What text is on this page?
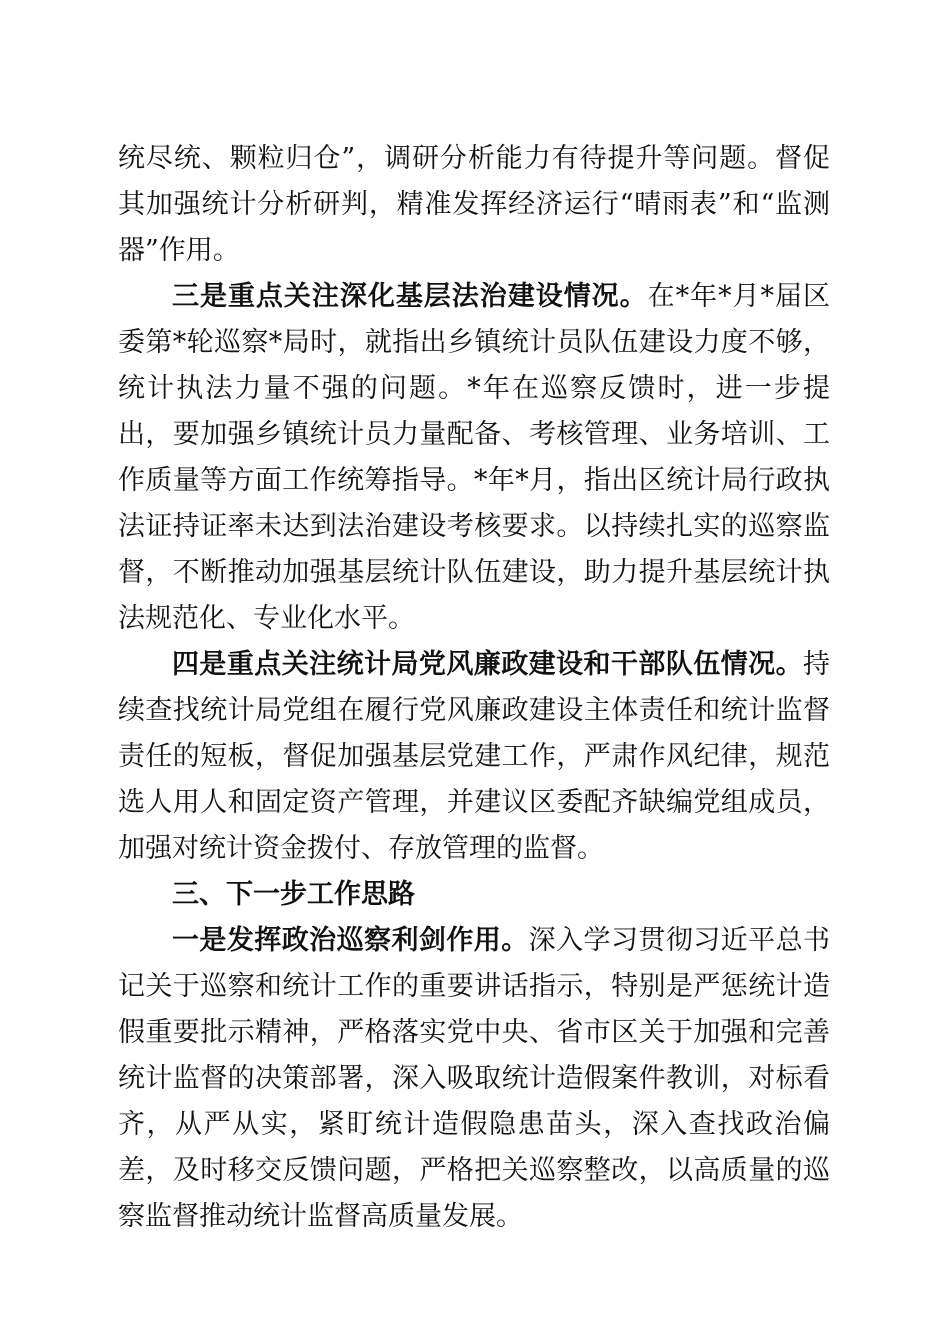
统尽统、颗粒归仓”，调研分析能力有待提升等问题。督促其加强统计分析研判，精准发挥经济运行“晴雨表”和“监测器”作用。

三是重点关注深化基层法治建设情况。在*年*月*届区委第*轮巡察*局时，就指出乡镇统计员队伍建设力度不够，统计执法力量不强的问题。*年在巡察反馈时，进一步提出，要加强乡镇统计员力量配备、考核管理、业务培训、工作质量等方面工作统筹指导。*年*月，指出区统计局行政执法证持证率未达到法治建设考核要求。以持续扎实的巡察监督，不断推动加强基层统计队伍建设，助力提升基层统计执法规范化、专业化水平。

四是重点关注统计局党风廉政建设和干部队伍情况。持续查找统计局党组在履行党风廉政建设主体责任和统计监督责任的短板，督促加强基层党建工作，严肃作风纪律，规范选人用人和固定资产管理，并建议区委配齐缺编党组成员，加强对统计资金拨付、存放管理的监督。

三、下一步工作思路

一是发挥政治巡察利剑作用。深入学习贯彻习近平总书记关于巡察和统计工作的重要讲话指示，特别是严惩统计造假重要批示精神，严格落实党中央、省市区关于加强和完善统计监督的决策部署，深入吸取统计造假案件教训，对标看齐，从严从实，紧盯统计造假隐患苗头，深入查找政治偏差，及时移交反馈问题，严格把关巡察整改，以高质量的巡察监督推动统计监督高质量发展。
